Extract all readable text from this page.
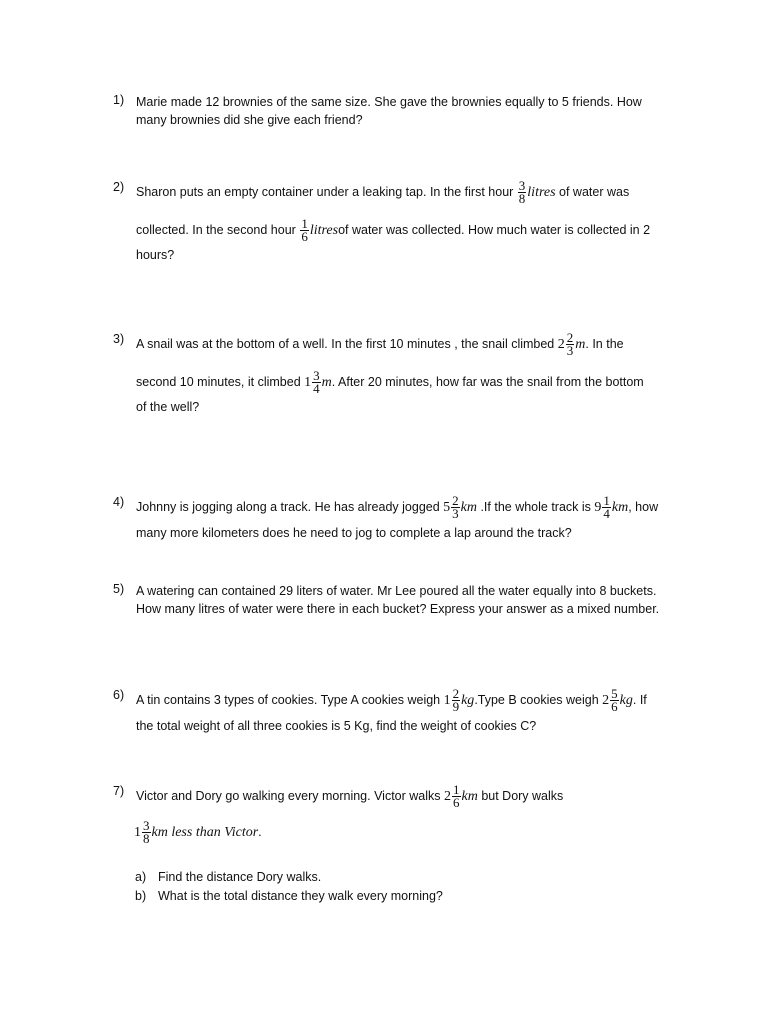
1) Marie made 12 brownies of the same size. She gave the brownies equally to 5 friends. How
many brownies did she give each friend?
2) Sharon puts an empty container under a leaking tap. In the first hour $\frac{3}{8}$ litres of water was
collected. In the second hour $\frac{1}{6}$ litresof water was collected. How much water is collected in 2
hours?
3) A snail was at the bottom of a well. In the first 10 minutes , the snail climbed $2 \frac{2}{3} m$. In the
second 10 minutes, it climbed $1 \frac{3}{4} m$. After 20 minutes, how far was the snail from the bottom
of the well?
4) Johnny is jogging along a track. He has already jogged $5 \frac{2}{3}$ km .If the whole track is $9 \frac{1}{4}$ km, how
many more kilometers does he need to jog to complete a lap around the track?
5) A watering can contained 29 liters of water. Mr Lee poured all the water equally into 8 buckets.
How many litres of water were there in each bucket? Express your answer as a mixed number.
6) A tin contains 3 types of cookies. Type A cookies weigh $1 \frac{2}{9}$ kg.Type B cookies weigh $2 \frac{5}{6}$ kg. If
the total weight of all three cookies is 5 Kg, find the weight of cookies C?
7) Victor and Dory go walking every morning. Victor walks $2 \frac{1}{6}$ km but Dory walks
$1 \frac{3}{8}$ km less than Victor.
a) Find the distance Dory walks.
b) What is the total distance they walk every morning?
